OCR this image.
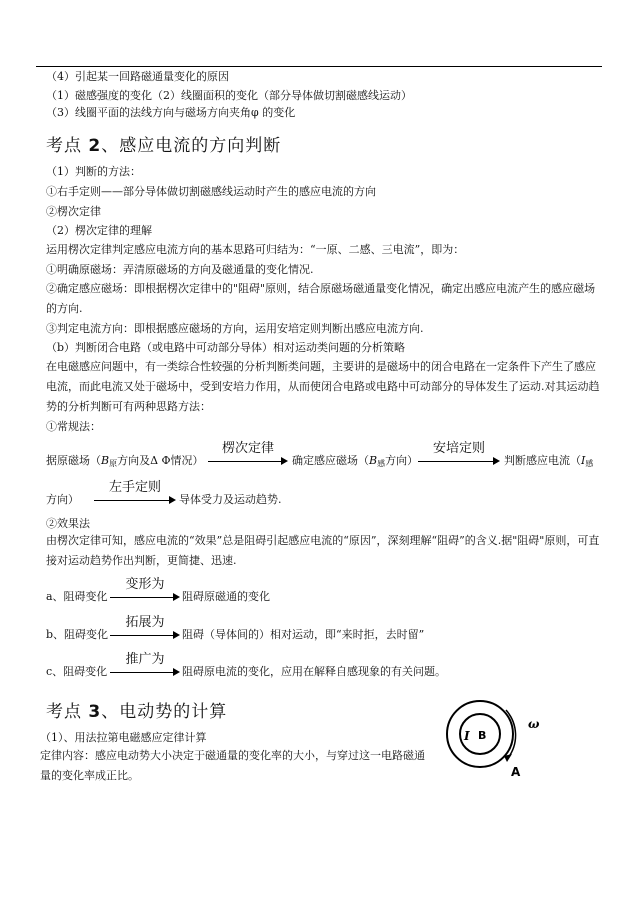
（4）引起某一回路磁通量变化的原因
（1）磁感强度的变化（2）线圈面积的变化（部分导体做切割磁感线运动）
（3）线圈平面的法线方向与磁场方向夹角φ 的变化
考点 2、感应电流的方向判断
（1）判断的方法：
①右手定则——部分导体做切割磁感线运动时产生的感应电流的方向
②楞次定律
（2）楞次定律的理解
运用楞次定律判定感应电流方向的基本思路可归结为：“一原、二感、三电流”，即为：
①明确原磁场：弄清原磁场的方向及磁通量的变化情况.
②确定感应磁场：即根据楞次定律中的"阻碍"原则，结合原磁场磁通量变化情况，确定出感应电流产生的感应磁场的方向.
③判定电流方向：即根据感应磁场的方向，运用安培定则判断出感应电流方向.
（b）判断闭合电路（或电路中可动部分导体）相对运动类问题的分析策略
在电磁感应问题中，有一类综合性较强的分析判断类问题，主要讲的是磁场中的闭合电路在一定条件下产生了感应电流，而此电流又处于磁场中，受到安培力作用，从而使闭合电路或电路中可动部分的导体发生了运动.对其运动趋势的分析判断可有两种思路方法：
①常规法：
据原磁场（$B_原$方向及Δ Φ情况）
楞次定律
确定感应磁场（$B_感$方向）
安培定则
判断感应电流（$I_感$
方向）
左手定则
导体受力及运动趋势.
②效果法
由楞次定律可知，感应电流的“效果”总是阻碍引起感应电流的“原因”，深刻理解“阻碍”的含义.据"阻碍"原则，可直接对运动趋势作出判断，更简捷、迅速.
a、阻碍变化
变形为
阻碍原磁通的变化
b、阻碍变化
拓展为
阻碍（导体间的）相对运动，即“来时拒，去时留”
c、阻碍变化
推广为
阻碍原电流的变化，应用在解释自感现象的有关问题。
考点 3、电动势的计算
（1）、用法拉第电磁感应定律计算
定律内容：感应电动势大小决定于磁通量的变化率的大小，与穿过这一电路磁通量的变化率成正比。
I B
A
ω
